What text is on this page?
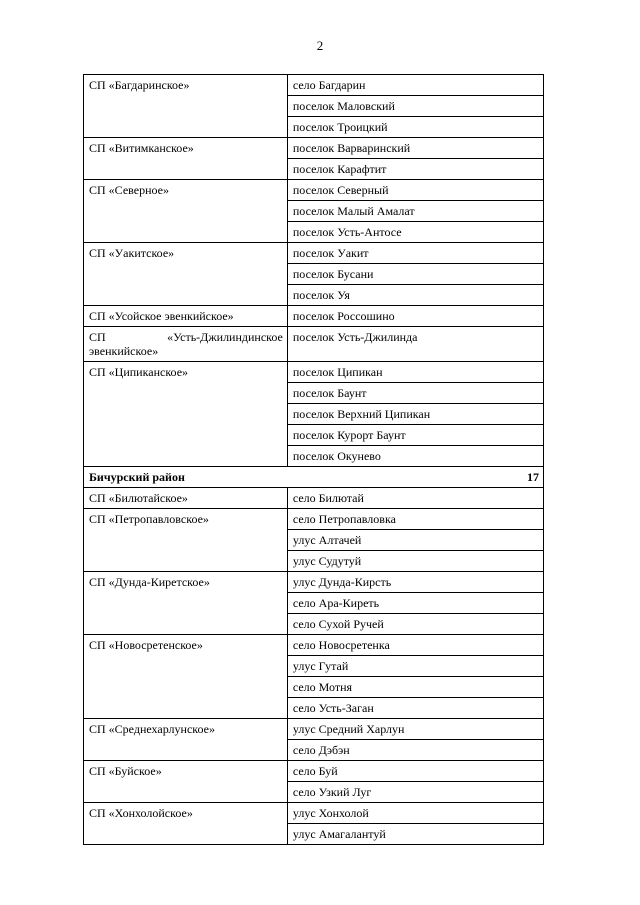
2
СП «Багдаринское»	село Багдарин
	поселок Маловский
	поселок Троицкий
СП «Витимканское»	поселок Варваринский
	поселок Карафтит
СП «Северное»	поселок Северный
	поселок Малый Амалат
	поселок Усть-Антосе
СП «Уакитское»	поселок Уакит
	поселок Бусани
	поселок Уя
СП «Усойское эвенкийское»	поселок Россошино
СП «Усть-Джилиндинское эвенкийское»	поселок Усть-Джилинда
СП «Ципиканское»	поселок Ципикан
	поселок Баунт
	поселок Верхний Ципикан
	поселок Курорт Баунт
	поселок Окунево

Бичурский район 17	

СП «Билютайское»	село Билютай
СП «Петропавловское»	село Петропавловка
	улус Алтачей
	улус Судутуй
СП «Дунда-Киретское»	улус Дунда-Кирсть
	село Ара-Киреть
	село Сухой Ручей
СП «Новосретенское»	село Новосретенка
	улус Гутай
	село Мотня
	село Усть-Заган
СП «Среднехарлунское»	улус Средний Харлун
	село Дэбэн
СП «Буйское»	село Буй
	село Узкий Луг
СП «Хонхолойское»	улус Хонхолой
	улус Амагалантуй
